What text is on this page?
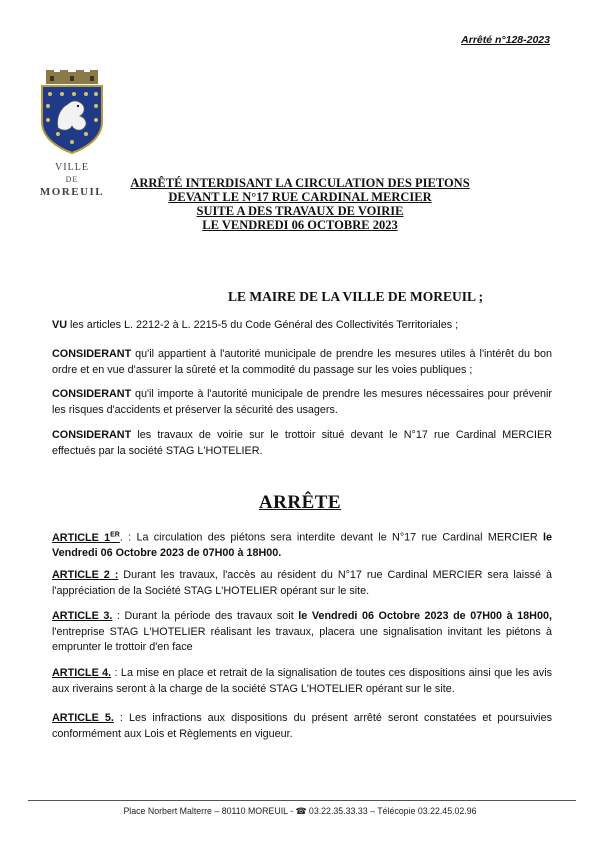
Arrêté n°128-2023
VILLE
DE
MOREUIL
ARRÊTÉ INTERDISANT LA CIRCULATION DES PIETONS
DEVANT LE N°17 RUE CARDINAL MERCIER
SUITE A DES TRAVAUX DE VOIRIE
LE VENDREDI 06 OCTOBRE 2023
LE MAIRE DE LA VILLE DE MOREUIL ;
VU les articles L. 2212-2 à L. 2215-5 du Code Général des Collectivités Territoriales ;
CONSIDERANT qu'il appartient à l'autorité municipale de prendre les mesures utiles à l'intérêt du bon ordre et en vue d'assurer la sûreté et la commodité du passage sur les voies publiques ;
CONSIDERANT qu'il importe à l'autorité municipale de prendre les mesures nécessaires pour prévenir les risques d'accidents et préserver la sécurité des usagers.
CONSIDERANT les travaux de voirie sur le trottoir situé devant le N°17 rue Cardinal MERCIER effectués par la société STAG L'HOTELIER.
ARRÊTE
ARTICLE 1ER. : La circulation des piétons sera interdite devant le N°17 rue Cardinal MERCIER le Vendredi 06 Octobre 2023 de 07H00 à 18H00.
ARTICLE 2 : Durant les travaux, l'accès au résident du N°17 rue Cardinal MERCIER sera laissé à l'appréciation de la Société STAG L'HOTELIER opérant sur le site.
ARTICLE 3. : Durant la période des travaux soit le Vendredi 06 Octobre 2023 de 07H00 à 18H00, l'entreprise STAG L'HOTELIER réalisant les travaux, placera une signalisation invitant les piétons à emprunter le trottoir d'en face
ARTICLE 4. : La mise en place et retrait de la signalisation de toutes ces dispositions ainsi que les avis aux riverains seront à la charge de la société STAG L'HOTELIER opérant sur le site.
ARTICLE 5. : Les infractions aux dispositions du présent arrêté seront constatées et poursuivies conformément aux Lois et Règlements en vigueur.
Place Norbert Malterre – 80110 MOREUIL - ☎ 03.22.35.33.33 – Télécopie 03.22.45.02.96
